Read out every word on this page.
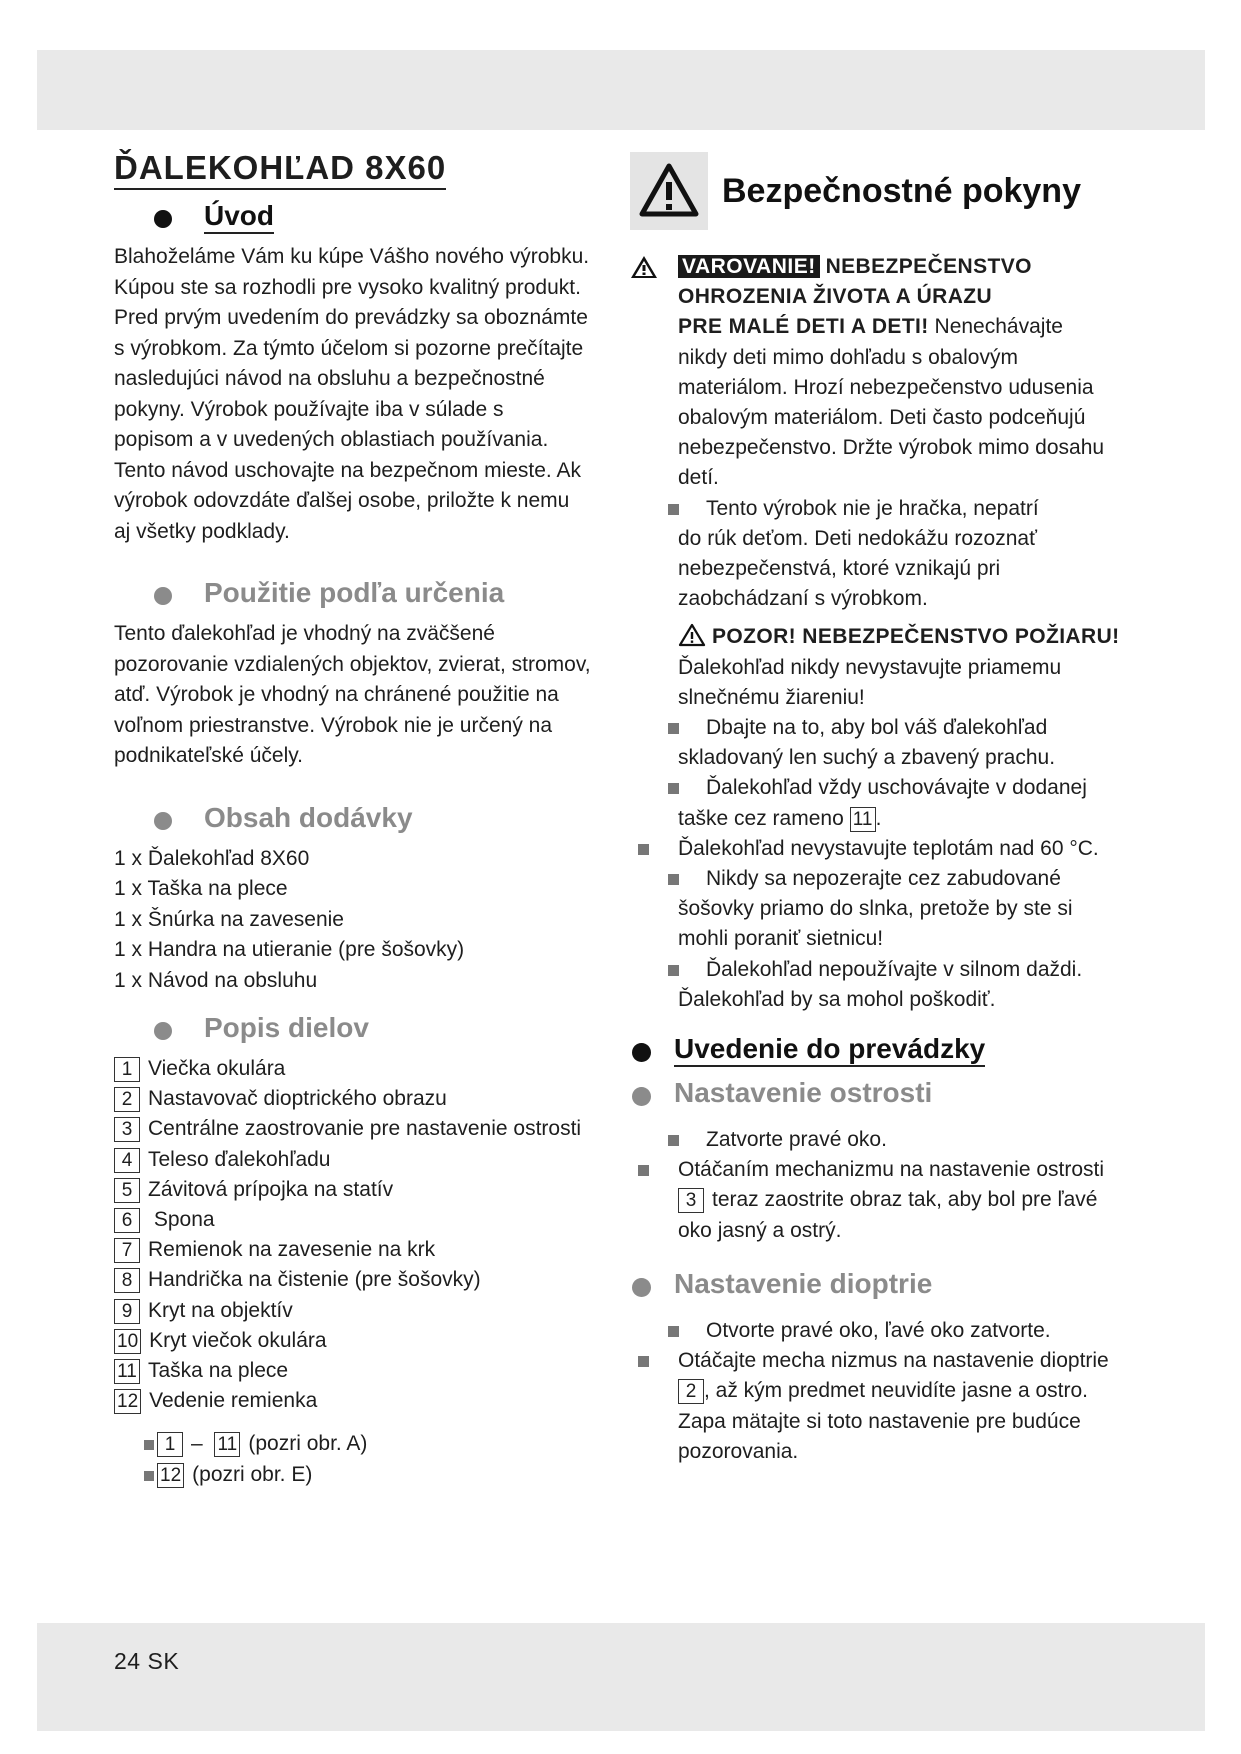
ĎALEKOHĽAD 8X60
Úvod

Blahoželáme Vám ku kúpe Vášho nového výrobku.

Kúpou ste sa rozhodli pre vysoko kvalitný produkt.

Pred prvým uvedením do prevádzky sa oboznámte

s výrobkom. Za týmto účelom si pozorne prečítajte

nasledujúci návod na obsluhu a bezpečnostné

pokyny. Výrobok používajte iba v súlade s

popisom a v uvedených oblastiach používania.

Tento návod uschovajte na bezpečnom mieste. Ak

výrobok odovzdáte ďalšej osobe, priložte k nemu

aj všetky podklady.

Použitie podľa určenia

Tento ďalekohľad je vhodný na zväčšené

pozorovanie vzdialených objektov, zvierat, stromov,

atď. Výrobok je vhodný na chránené použitie na

voľnom priestranstve. Výrobok nie je určený na

podnikateľské účely.

Obsah dodávky

1 x Ďalekohľad 8X60

1 x Taška na plece

1 x Šnúrka na zavesenie

1 x Handra na utieranie (pre šošovky)

1 x Návod na obsluhu

Popis dielov
1 Viečka okulára
2 Nastavovač dioptrického obrazu
3 Centrálne zaostrovanie pre nastavenie ostrosti
4 Teleso ďalekohľadu
5 Závitová prípojka na statív
6 Spona
7 Remienok na zavesenie na krk
8 Handrička na čistenie (pre šošovky)
9 Kryt na objektív
10 Kryt viečok okulára
11 Taška na plece
12 Vedenie remienka
1 – 11 (pozri obr. A)
12 (pozri obr. E)
Bezpečnostné pokyny
VAROVANIE! NEBEZPEČENSTVO
OHROZENIA ŽIVOTA A ÚRAZU
PRE MALÉ DETI A DETI! Nenechávajte
nikdy deti mimo dohľadu s obalovým
materiálom. Hrozí nebezpečenstvo udusenia
obalovým materiálom. Deti často podceňujú
nebezpečenstvo. Držte výrobok mimo dosahu
detí.
Tento výrobok nie je hračka, nepatrí
do rúk deťom. Deti nedokážu rozoznať
nebezpečenstvá, ktoré vznikajú pri
zaobchádzaní s výrobkom.
POZOR! NEBEZPEČENSTVO POŽIARU!
Ďalekohľad nikdy nevystavujte priamemu
slnečnému žiareniu!
Dbajte na to, aby bol váš ďalekohľad
skladovaný len suchý a zbavený prachu.
Ďalekohľad vždy uschovávajte v dodanej
taške cez rameno 11 .
Ďalekohľad nevystavujte teplotám nad 60 °C.
Nikdy sa nepozerajte cez zabudované
šošovky priamo do slnka, pretože by ste si
mohli poraniť sietnicu!
Ďalekohľad nepoužívajte v silnom daždi.
Ďalekohľad by sa mohol poškodiť.
Uvedenie do prevádzky
Nastavenie ostrosti
Zatvorte pravé oko.
Otáčaním mechanizmu na nastavenie ostrosti
3 teraz zaostrite obraz tak, aby bol pre ľavé
oko jasný a ostrý.
Nastavenie dioptrie
Otvorte pravé oko, ľavé oko zatvorte.
Otáčajte mecha nizmus na nastavenie dioptrie
2 , až kým predmet neuvidíte jasne a ostro.
Zapa mätajte si toto nastavenie pre budúce
pozorovania.
24 SK
